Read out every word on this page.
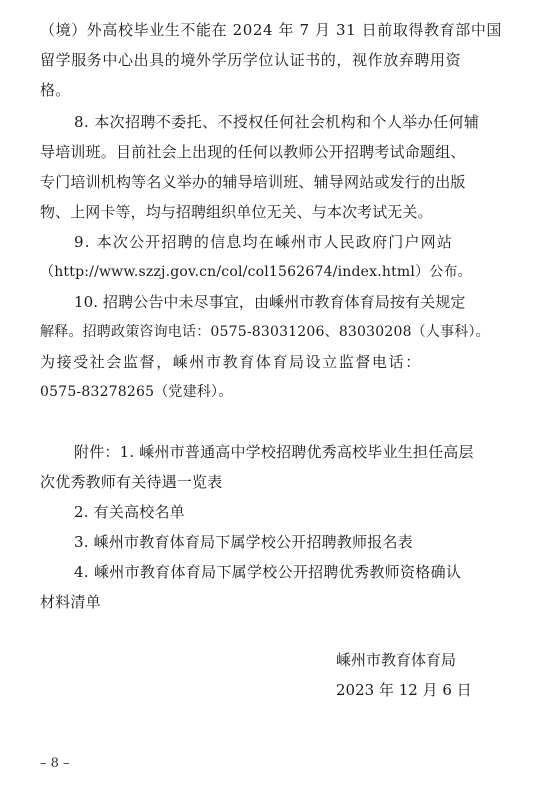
（境）外高校毕业生不能在 2024 年 7 月 31 日前取得教育部中国
留学服务中心出具的境外学历学位认证书的，视作放弃聘用资
格。
8. 本次招聘不委托、不授权任何社会机构和个人举办任何辅
导培训班。目前社会上出现的任何以教师公开招聘考试命题组、
专门培训机构等名义举办的辅导培训班、辅导网站或发行的出版
物、上网卡等，均与招聘组织单位无关、与本次考试无关。
9. 本次公开招聘的信息均在嵊州市人民政府门户网站
（http://www.szzj.gov.cn/col/col1562674/index.html）公布。
10. 招聘公告中未尽事宜，由嵊州市教育体育局按有关规定
解释。招聘政策咨询电话：0575-83031206、83030208（人事科）。
为接受社会监督，嵊州市教育体育局设立监督电话：
0575-83278265（党建科）。
附件：1. 嵊州市普通高中学校招聘优秀高校毕业生担任高层
次优秀教师有关待遇一览表
2. 有关高校名单
3. 嵊州市教育体育局下属学校公开招聘教师报名表
4. 嵊州市教育体育局下属学校公开招聘优秀教师资格确认
材料清单
嵊州市教育体育局
2023 年 12 月 6 日
– 8 –
